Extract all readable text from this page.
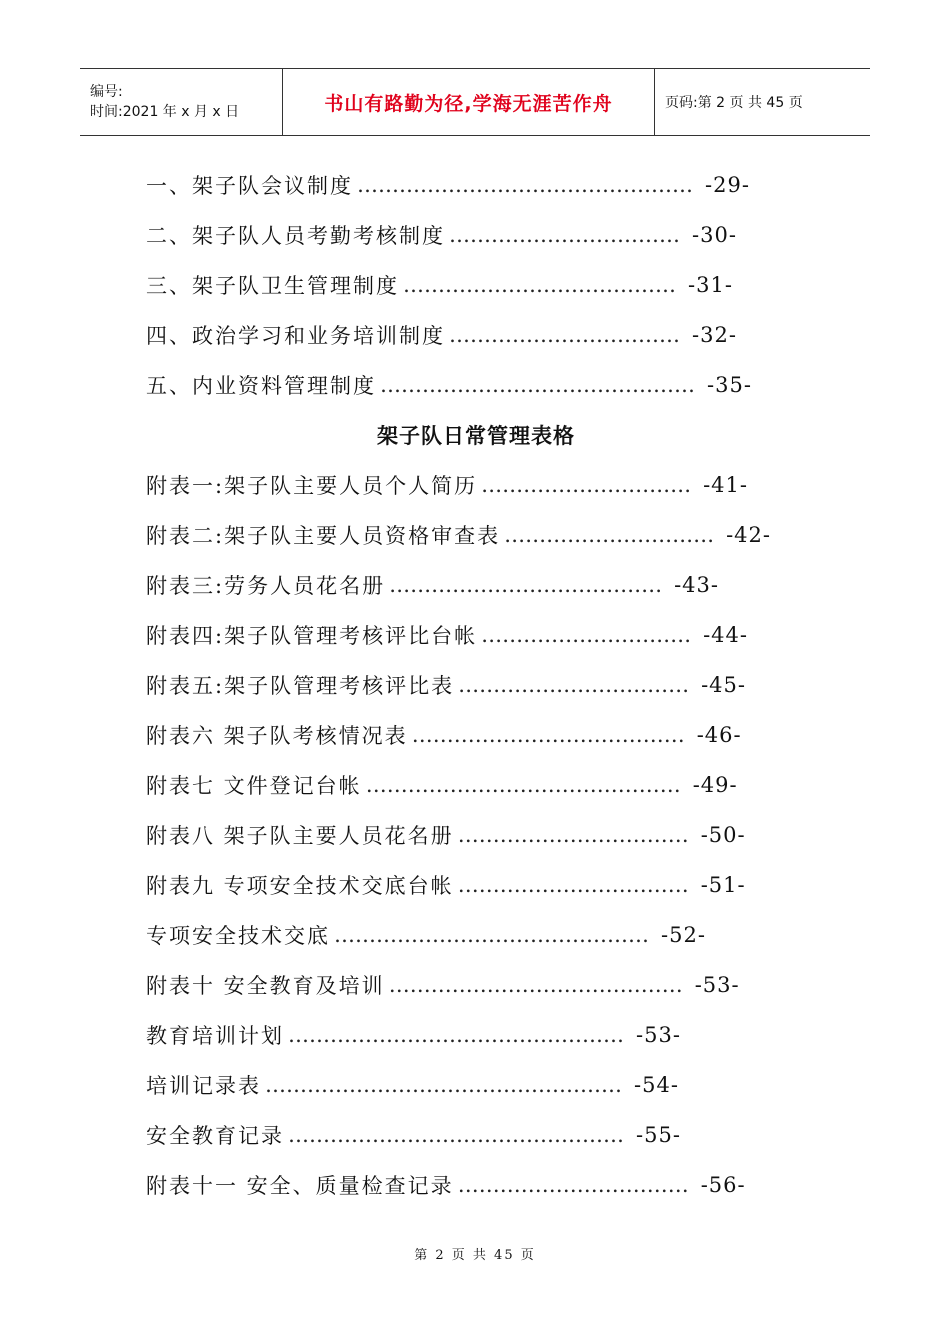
编号:
时间:2021 年 x 月 x 日	书山有路勤为径,学海无涯苦作舟	页码:第 2 页 共 45 页
一、架子队会议制度 ………………………………………… -29-
二、架子队人员考勤考核制度 …………………………… -30-
三、架子队卫生管理制度 ………………………………… -31-
四、政治学习和业务培训制度 …………………………… -32-
五、内业资料管理制度 ……………………………………… -35-
架子队日常管理表格
附表一:架子队主要人员个人简历 ………………………… -41-
附表二:架子队主要人员资格审查表 ………………………… -42-
附表三:劳务人员花名册 ………………………………… -43-
附表四:架子队管理考核评比台帐 ………………………… -44-
附表五:架子队管理考核评比表 …………………………… -45-
附表六 架子队考核情况表 ………………………………… -46-
附表七 文件登记台帐 ……………………………………… -49-
附表八 架子队主要人员花名册 …………………………… -50-
附表九 专项安全技术交底台帐 …………………………… -51-
专项安全技术交底 ……………………………………… -52-
附表十 安全教育及培训 …………………………………… -53-
教育培训计划 ………………………………………… -53-
培训记录表 …………………………………………… -54-
安全教育记录 ………………………………………… -55-
附表十一 安全、质量检查记录 …………………………… -56-
第 2 页 共 45 页
